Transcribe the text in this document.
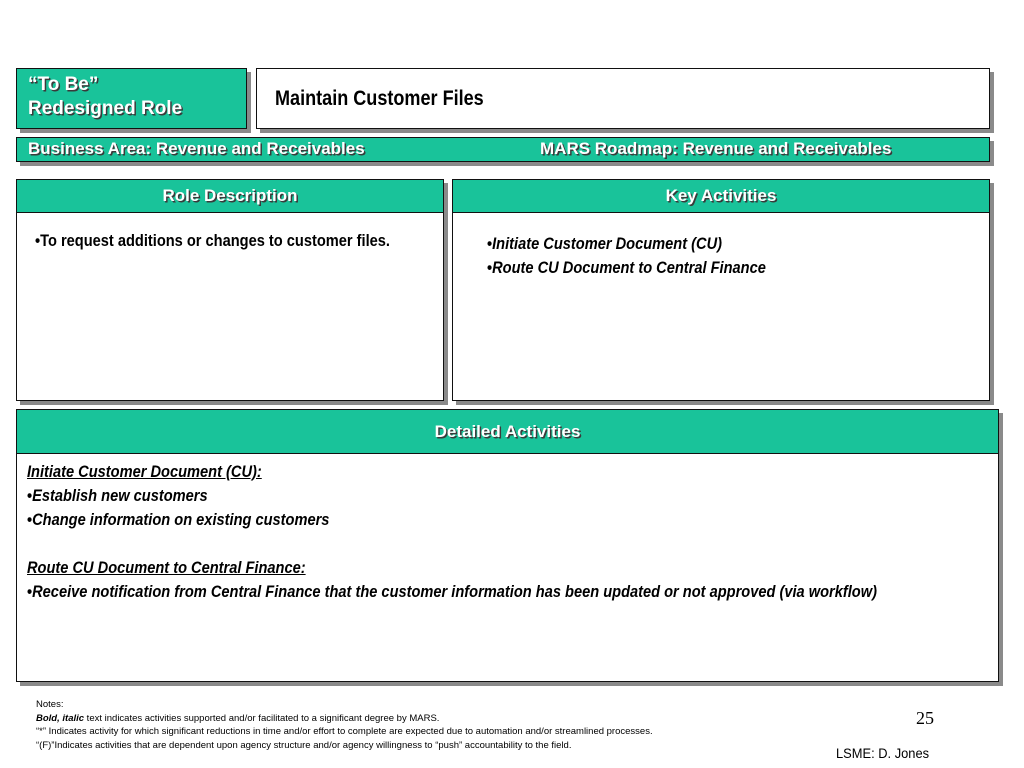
“To Be”
Redesigned Role	Maintain Customer Files
Business Area: Revenue and Receivables	MARS Roadmap: Revenue and Receivables
Role Description
•To request additions or changes to customer files.
Key Activities
•Initiate Customer Document (CU)
•Route CU Document to Central Finance
Detailed Activities
Initiate Customer Document (CU):
•Establish new customers
•Change information on existing customers
Route CU Document to Central Finance:
•Receive notification from Central Finance that the customer information has been updated or not approved (via workflow)
Notes:
Bold, italic text indicates activities supported and/or facilitated to a significant degree by MARS.
“*” Indicates activity for which significant reductions in time and/or effort to complete are expected due to automation and/or streamlined processes.
“(F)”Indicates activities that are dependent upon agency structure and/or agency willingness to “push” accountability to the field.
25
LSME: D. Jones
